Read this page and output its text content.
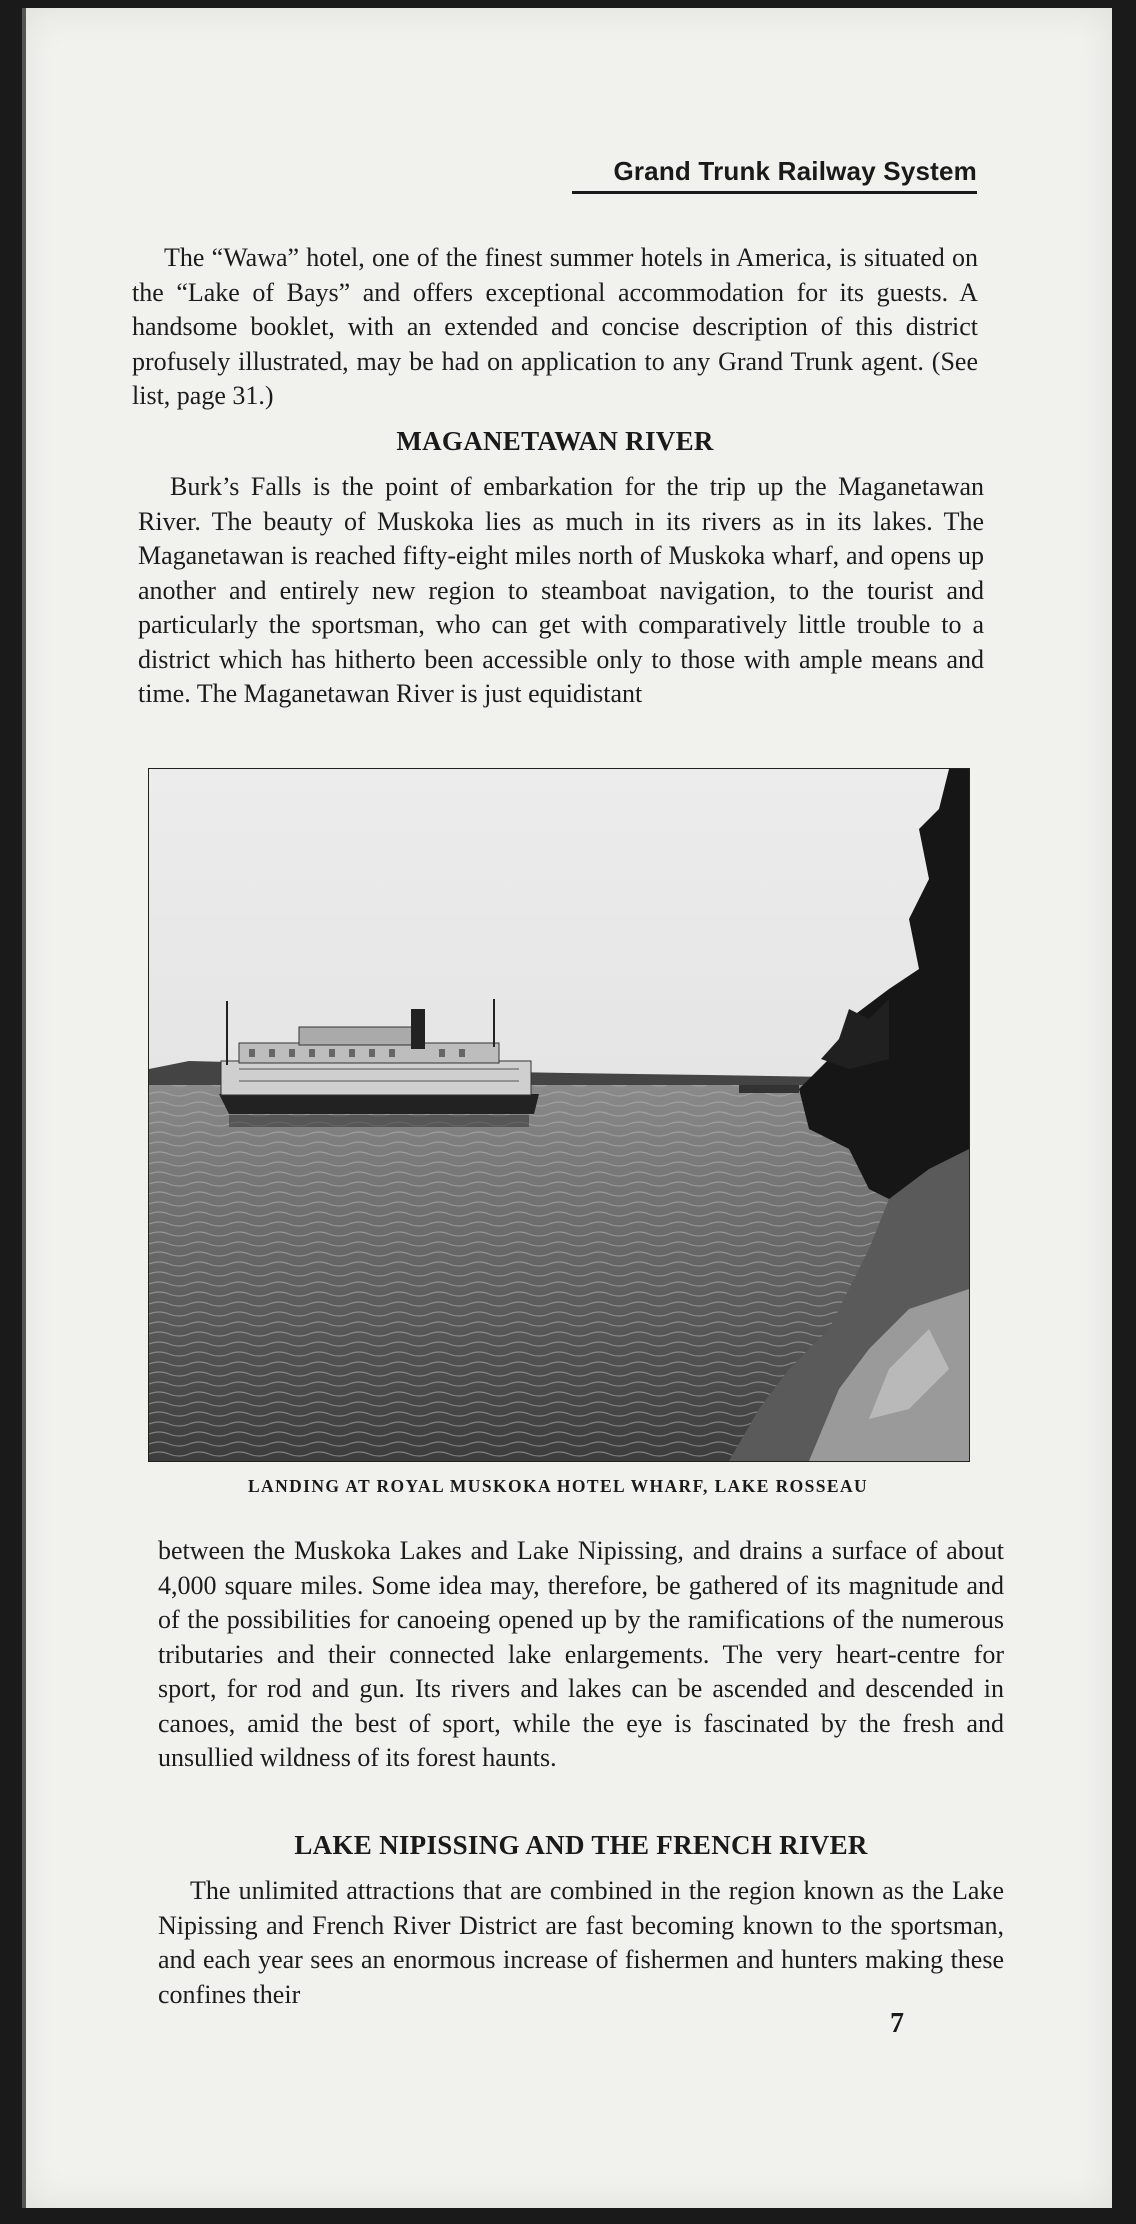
Grand Trunk Railway System

The “Wawa” hotel, one of the finest summer hotels in America, is situated on the “Lake of Bays” and offers exceptional accommodation for its guests. A handsome booklet, with an extended and concise description of this district profusely illustrated, may be had on application to any Grand Trunk agent. (See list, page 31.)

MAGANETAWAN RIVER

Burk’s Falls is the point of embarkation for the trip up the Maganetawan River. The beauty of Muskoka lies as much in its rivers as in its lakes. The Maganetawan is reached fifty-eight miles north of Muskoka wharf, and opens up another and entirely new region to steamboat navigation, to the tourist and particularly the sportsman, who can get with comparatively little trouble to a district which has hitherto been accessible only to those with ample means and time. The Maganetawan River is just equidistant

LANDING AT ROYAL MUSKOKA HOTEL WHARF, LAKE ROSSEAU

between the Muskoka Lakes and Lake Nipissing, and drains a surface of about 4,000 square miles. Some idea may, therefore, be gathered of its magnitude and of the possibilities for canoeing opened up by the ramifications of the numerous tributaries and their connected lake enlargements. The very heart-centre for sport, for rod and gun. Its rivers and lakes can be ascended and descended in canoes, amid the best of sport, while the eye is fascinated by the fresh and unsullied wildness of its forest haunts.

LAKE NIPISSING AND THE FRENCH RIVER

The unlimited attractions that are combined in the region known as the Lake Nipissing and French River District are fast becoming known to the sportsman, and each year sees an enormous increase of fishermen and hunters making these confines their

7
